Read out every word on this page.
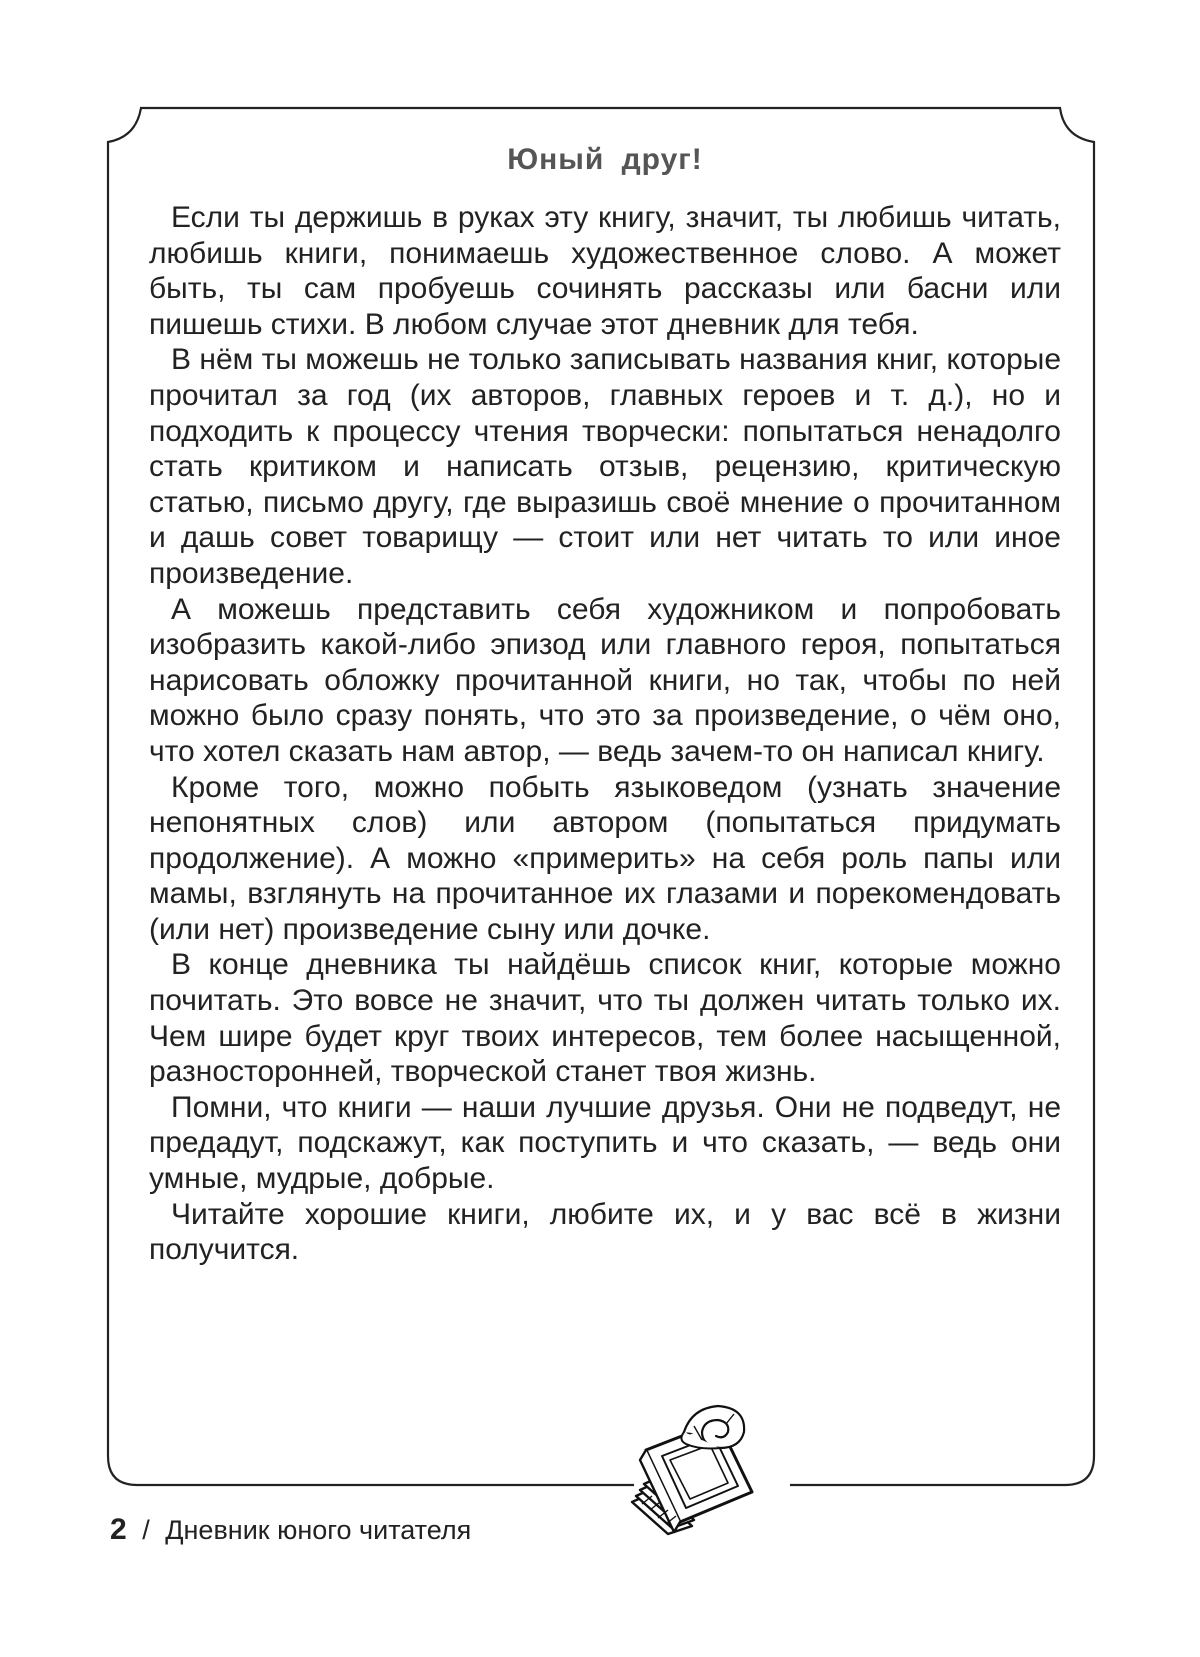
Юный друг!

Если ты держишь в руках эту книгу, значит, ты любишь читать, любишь книги, понимаешь художественное слово. А может быть, ты сам пробуешь сочинять рассказы или басни или пишешь стихи. В любом случае этот дневник для тебя.

В нём ты можешь не только записывать названия книг, которые прочитал за год (их авторов, главных героев и т. д.), но и подходить к процессу чтения творчески: попытаться ненадолго стать критиком и написать отзыв, рецензию, критическую статью, письмо другу, где выразишь своё мнение о прочитанном и дашь совет товарищу — стоит или нет читать то или иное произведение.

А можешь представить себя художником и попробовать изобразить какой-либо эпизод или главного героя, попытаться нарисовать обложку прочитанной книги, но так, чтобы по ней можно было сразу понять, что это за произведение, о чём оно, что хотел сказать нам автор, — ведь зачем-то он написал книгу.

Кроме того, можно побыть языковедом (узнать значение непонятных слов) или автором (попытаться придумать продолжение). А можно «примерить» на себя роль папы или мамы, взглянуть на прочитанное их глазами и порекомендовать (или нет) произведение сыну или дочке.

В конце дневника ты найдёшь список книг, которые можно почитать. Это вовсе не значит, что ты должен читать только их. Чем шире будет круг твоих интересов, тем более насыщенной, разносторонней, творческой станет твоя жизнь.

Помни, что книги — наши лучшие друзья. Они не подведут, не предадут, подскажут, как поступить и что сказать, — ведь они умные, мудрые, добрые.

Читайте хорошие книги, любите их, и у вас всё в жизни получится.

2 / Дневник юного читателя
